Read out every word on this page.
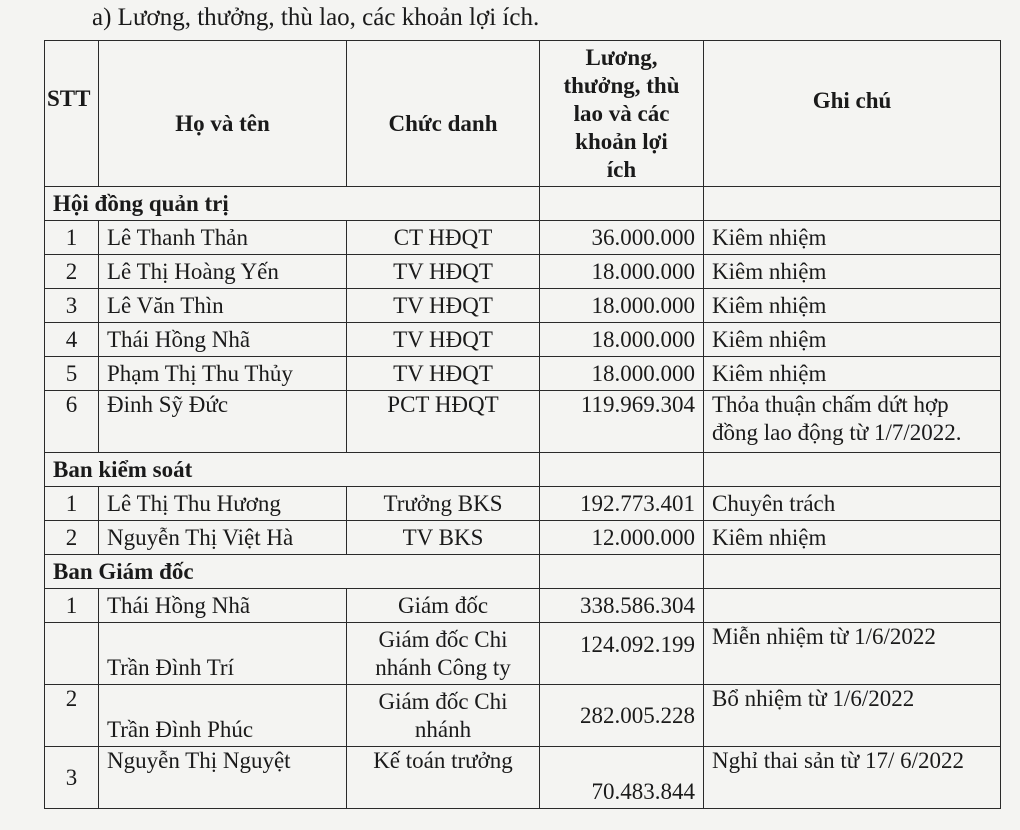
a) Lương, thưởng, thù lao, các khoản lợi ích.
STT	Họ và tên	Chức danh	Lương,
thưởng, thù
lao và các
khoản lợi
ích	Ghi chú
Hội đồng quản trị				
1	Lê Thanh Thản	CT HĐQT	36.000.000	Kiêm nhiệm
2	Lê Thị Hoàng Yến	TV HĐQT	18.000.000	Kiêm nhiệm
3	Lê Văn Thìn	TV HĐQT	18.000.000	Kiêm nhiệm
4	Thái Hồng Nhã	TV HĐQT	18.000.000	Kiêm nhiệm
5	Phạm Thị Thu Thủy	TV HĐQT	18.000.000	Kiêm nhiệm
6	Đinh Sỹ Đức	PCT HĐQT	119.969.304	Thỏa thuận chấm dứt hợp đồng lao động từ 1/7/2022.
Ban kiểm soát				
1	Lê Thị Thu Hương	Trưởng BKS	192.773.401	Chuyên trách
2	Nguyễn Thị Việt Hà	TV BKS	12.000.000	Kiêm nhiệm
Ban Giám đốc				
1	Thái Hồng Nhã	Giám đốc	338.586.304	
	Trần Đình Trí	Giám đốc Chi nhánh Công ty	124.092.199	Miễn nhiệm từ 1/6/2022
2	Trần Đình Phúc	Giám đốc Chi nhánh	282.005.228	Bổ nhiệm từ 1/6/2022
3	Nguyễn Thị Nguyệt	Kế toán trưởng	70.483.844	Nghỉ thai sản từ 17/ 6/2022
